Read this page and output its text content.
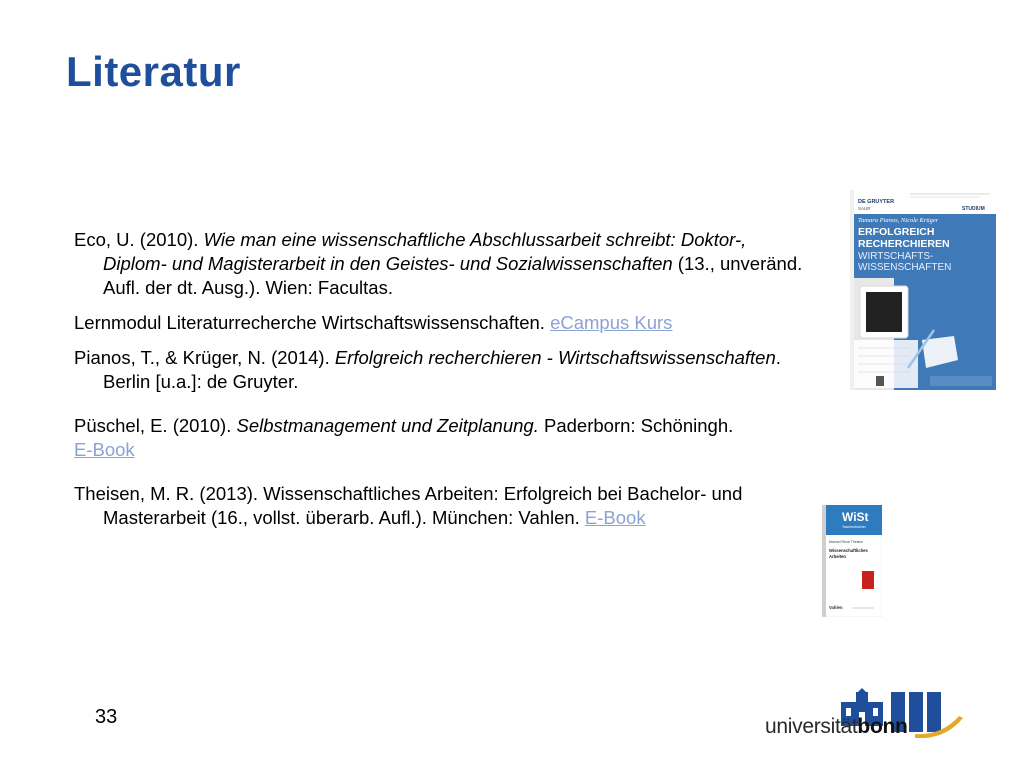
Literatur

Eco, U. (2010). Wie man eine wissenschaftliche Abschlussarbeit schreibt: Doktor-, Diplom- und Magisterarbeit in den Geistes- und Sozialwissenschaften (13., unveränd. Aufl. der dt. Ausg.). Wien: Facultas.

Lernmodul Literaturrecherche Wirtschaftswissenschaften. eCampus Kurs

Pianos, T., & Krüger, N. (2014). Erfolgreich recherchieren - Wirtschaftswissenschaften. Berlin [u.a.]: de Gruyter.

Püschel, E. (2010). Selbstmanagement und Zeitplanung. Paderborn: Schöningh.
E-Book

Theisen, M. R. (2013). Wissenschaftliches Arbeiten: Erfolgreich bei Bachelor- und Masterarbeit (16., vollst. überarb. Aufl.). München: Vahlen. E-Book

DE GRUYTER
SAUR	STUDIUM
Tamara Pianos, Nicole Krüger
ERFOLGREICH
RECHERCHIEREN
WIRTSCHAFTS-
WISSENSCHAFTEN
WiSt
Taschenbücher
Manuel René Theisen
Wissenschaftliches
Arbeiten
Vahlen
33	universitätbonn
